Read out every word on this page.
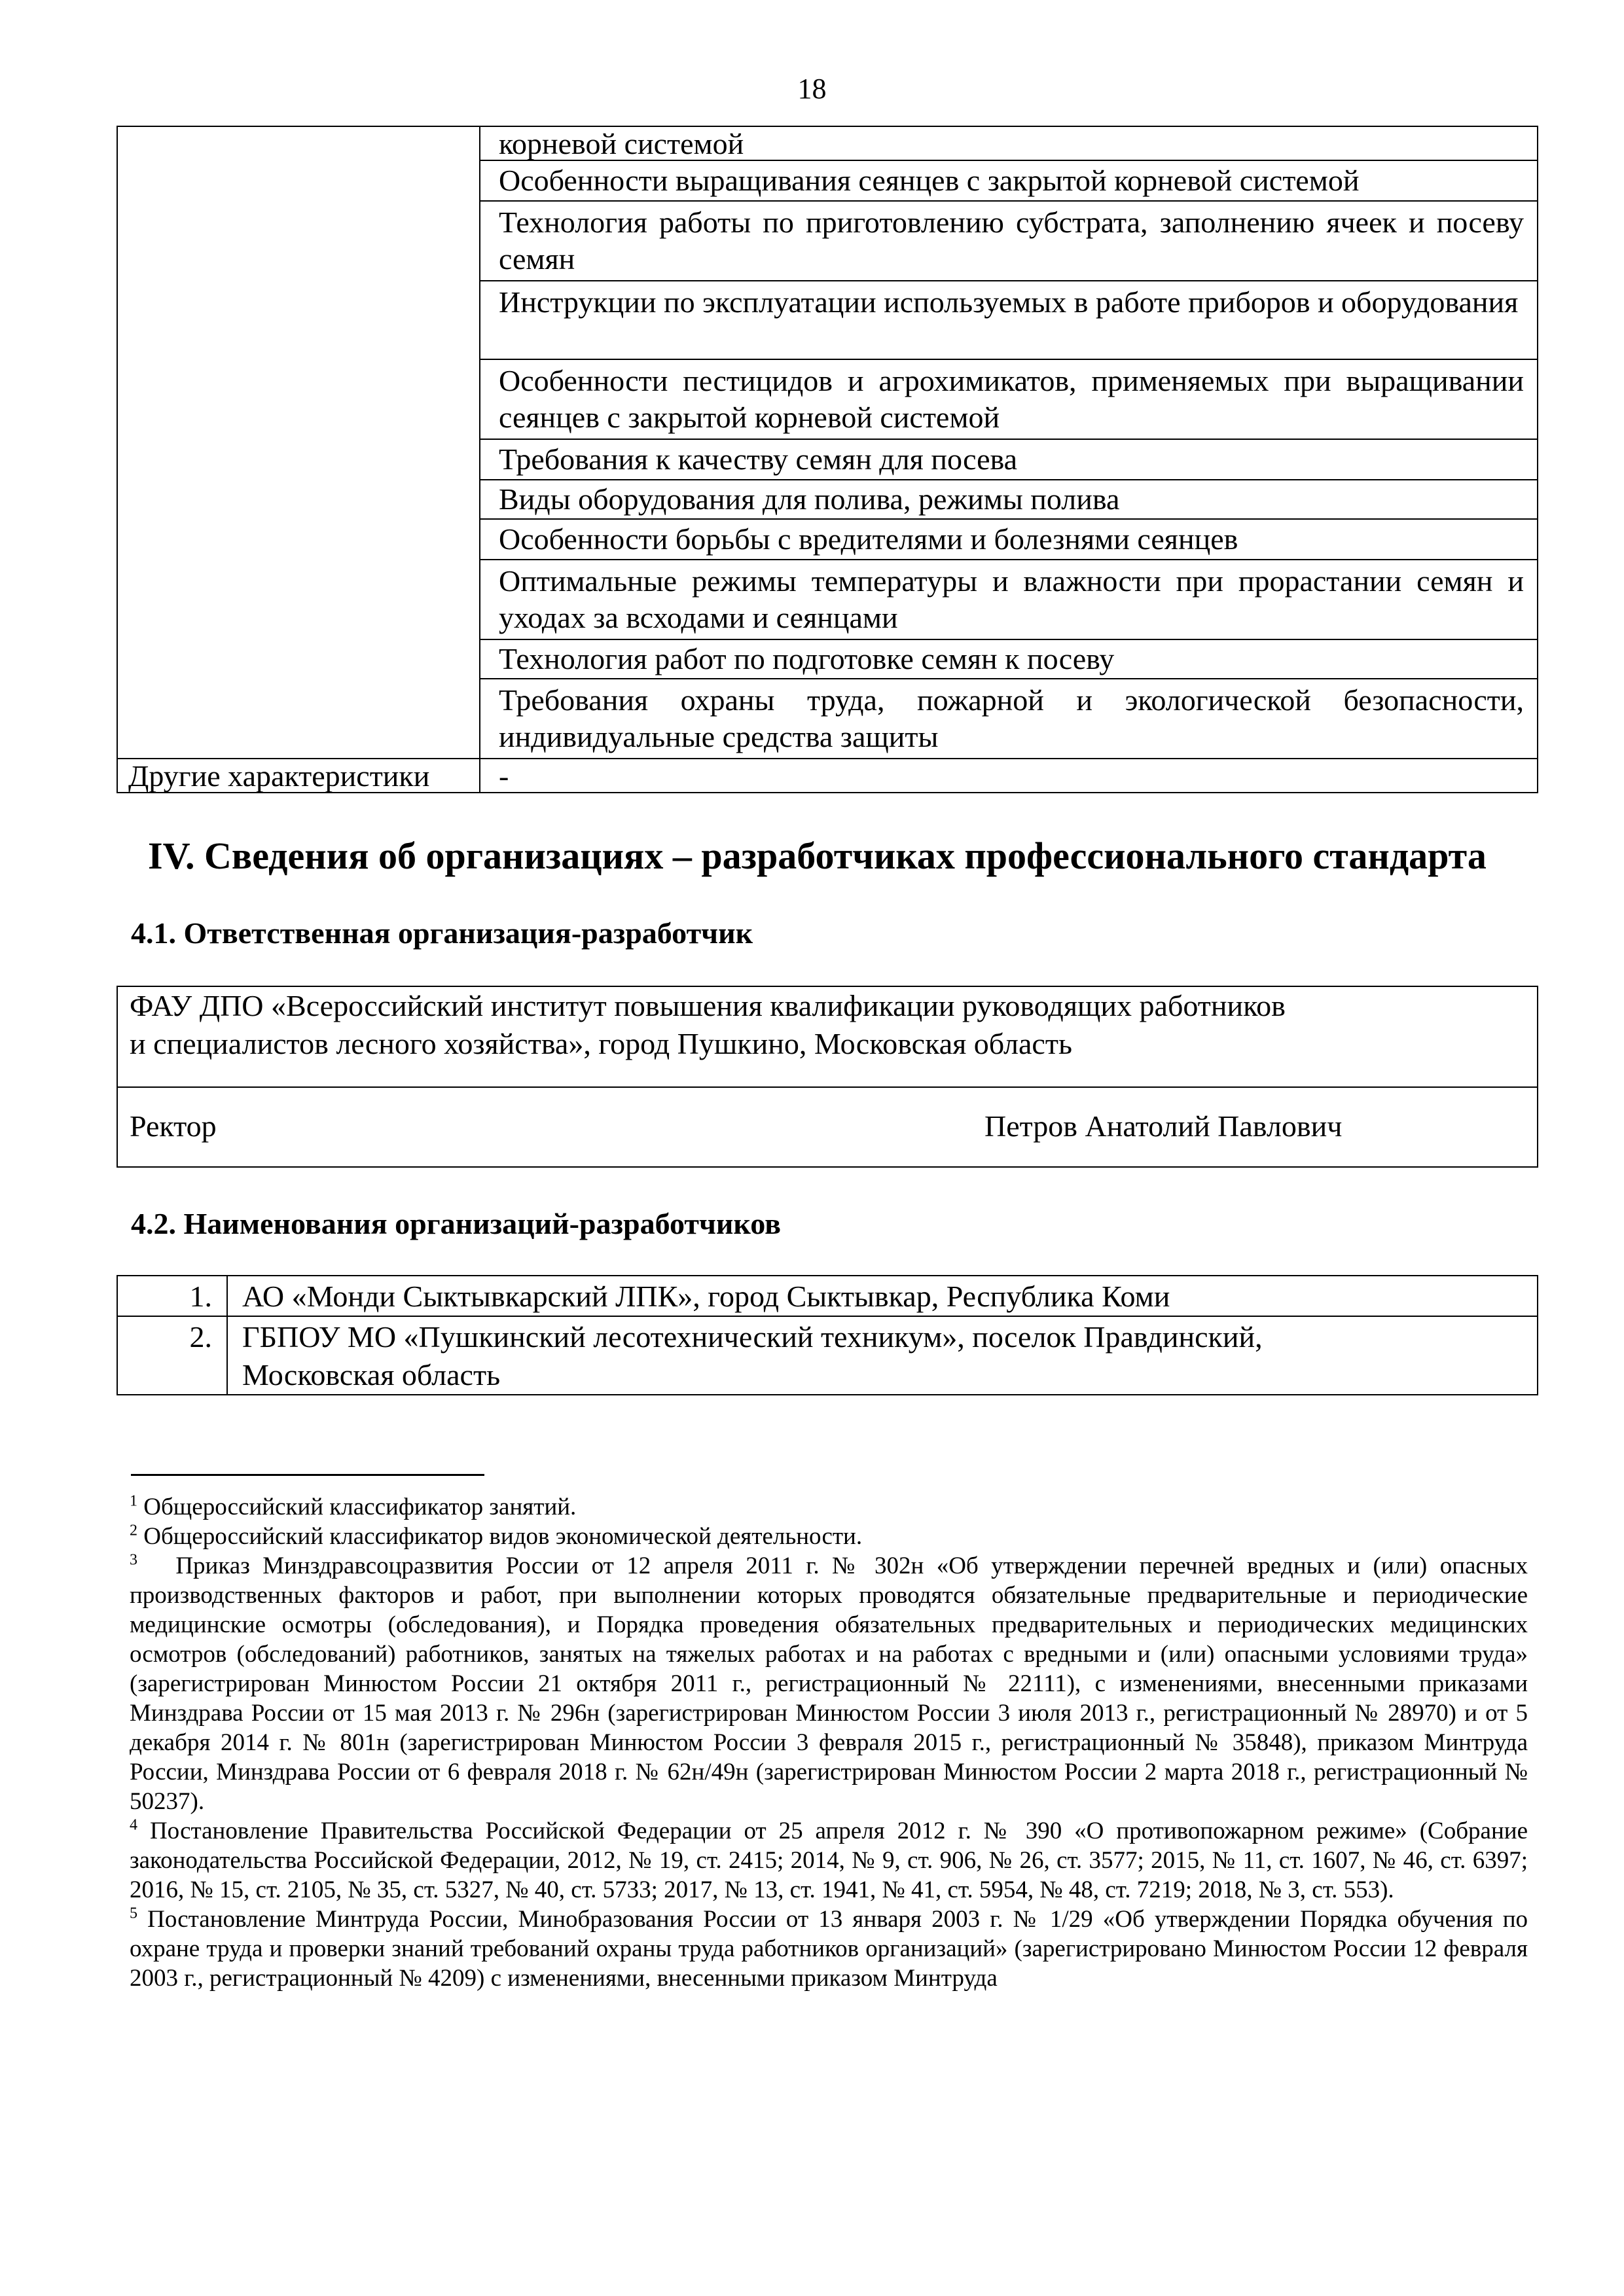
18
корневой системой
Особенности выращивания сеянцев с закрытой корневой системой
Технология работы по приготовлению субстрата, заполнению ячеек и посеву семян
Инструкции по эксплуатации используемых в работе приборов и оборудования
Особенности пестицидов и агрохимикатов, применяемых при выращивании сеянцев с закрытой корневой системой
Требования к качеству семян для посева
Виды оборудования для полива, режимы полива
Особенности борьбы с вредителями и болезнями сеянцев
Оптимальные режимы температуры и влажности при прорастании семян и уходах за всходами и сеянцами
Технология работ по подготовке семян к посеву
Требования охраны труда, пожарной и экологической безопасности, индивидуальные средства защиты
Другие характеристики	-
IV. Сведения об организациях – разработчиках профессионального стандарта
4.1. Ответственная организация-разработчик
ФАУ ДПО «Всероссийский институт повышения квалификации руководящих работников
и специалистов лесного хозяйства», город Пушкино, Московская область
Ректор	Петров Анатолий Павлович
4.2. Наименования организаций-разработчиков
1.	АО «Монди Сыктывкарский ЛПК», город Сыктывкар, Республика Коми
2.	ГБПОУ МО «Пушкинский лесотехнический техникум», поселок Правдинский,
Московская область

$^1$ Общероссийский классификатор занятий.

$^2$ Общероссийский классификатор видов экономической деятельности.

$^3$ Приказ Минздравсоцразвития России от 12 апреля 2011 г. № 302н «Об утверждении перечней вредных и (или) опасных производственных факторов и работ, при выполнении которых проводятся обязательные предварительные и периодические медицинские осмотры (обследования), и Порядка проведения обязательных предварительных и периодических медицинских осмотров (обследований) работников, занятых на тяжелых работах и на работах с вредными и (или) опасными условиями труда» (зарегистрирован Минюстом России 21 октября 2011 г., регистрационный № 22111), с изменениями, внесенными приказами Минздрава России от 15 мая 2013 г. № 296н (зарегистрирован Минюстом России 3 июля 2013 г., регистрационный № 28970) и от 5 декабря 2014 г. № 801н (зарегистрирован Минюстом России 3 февраля 2015 г., регистрационный № 35848), приказом Минтруда России, Минздрава России от 6 февраля 2018 г. № 62н/49н (зарегистрирован Минюстом России 2 марта 2018 г., регистрационный № 50237).

$^4$ Постановление Правительства Российской Федерации от 25 апреля 2012 г. № 390 «О противопожарном режиме» (Собрание законодательства Российской Федерации, 2012, № 19, ст. 2415; 2014, № 9, ст. 906, № 26, ст. 3577; 2015, № 11, ст. 1607, № 46, ст. 6397; 2016, № 15, ст. 2105, № 35, ст. 5327, № 40, ст. 5733; 2017, № 13, ст. 1941, № 41, ст. 5954, № 48, ст. 7219; 2018, № 3, ст. 553).

$^5$ Постановление Минтруда России, Минобразования России от 13 января 2003 г. № 1/29 «Об утверждении Порядка обучения по охране труда и проверки знаний требований охраны труда работников организаций» (зарегистрировано Минюстом России 12 февраля 2003 г., регистрационный № 4209) с изменениями, внесенными приказом Минтруда
